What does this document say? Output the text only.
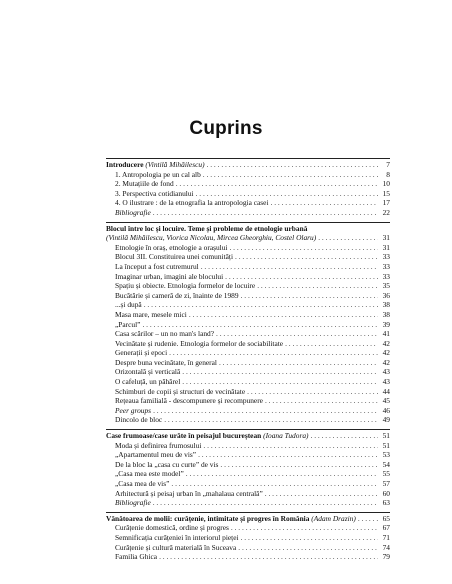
Cuprins
Introducere (Vintilă Mihăilescu) . . .	7
1. Antropologia pe un cal alb . . .	8
2. Mutațiile de fond . . .	10
3. Perspectiva cotidianului . . .	15
4. O ilustrare : de la etnografia la antropologia casei . . .	17
Bibliografie . . .	22
Blocul între loc și locuire. Teme și probleme de etnologie urbană
(Vintilă Mihăilescu, Viorica Nicolau, Mircea Gheorghiu, Costel Olaru) . . .	31
Etnologie în oraș, etnologie a orașului . . .	31
Blocul 3II. Constituirea unei comunități . . .	33
La început a fost cutremurul . . .	33
Imaginar urban, imagini ale blocului . . .	33
Spațiu și obiecte. Etnologia formelor de locuire . . .	35
Bucătărie și cameră de zi, înainte de 1989 . . .	36
...și după . . .	38
Masa mare, mesele mici . . .	38
„Parcul” . . .	39
Casa scărilor – un no man's land? . . .	41
Vecinătate și rudenie. Etnologia formelor de sociabilitate . . .	42
Generații și epoci . . .	42
Despre buna vecinătate, în general . . .	42
Orizontală și verticală . . .	43
O cafeluță, un păhărel . . .	43
Schimburi de copii și structuri de vecinătate . . .	44
Rețeaua familială - descompunere și recompunere . . .	45
Peer groups . . .	46
Dincolo de bloc . . .	49
Case frumoase/case urâte în peisajul bucureștean (Ioana Tudora) . . .	51
Moda și definirea frumosului . . .	51
„Apartamentul meu de vis” . . .	53
De la bloc la „casa cu curte” de vis . . .	54
„Casa mea este model” . . .	55
„Casa mea de vis” . . .	57
Arhitectură și peisaj urban în „mahalaua centrală” . . .	60
Bibliografie . . .	63
Vânătoarea de molii: curățenie, intimitate și progres în România (Adam Drazin) . . .	65
Curățenie domestică, ordine și progres . . .	67
Semnificația curățeniei în interiorul pieței . . .	71
Curățenie și cultură materială în Suceava . . .	74
Familia Ghica . . .	79
